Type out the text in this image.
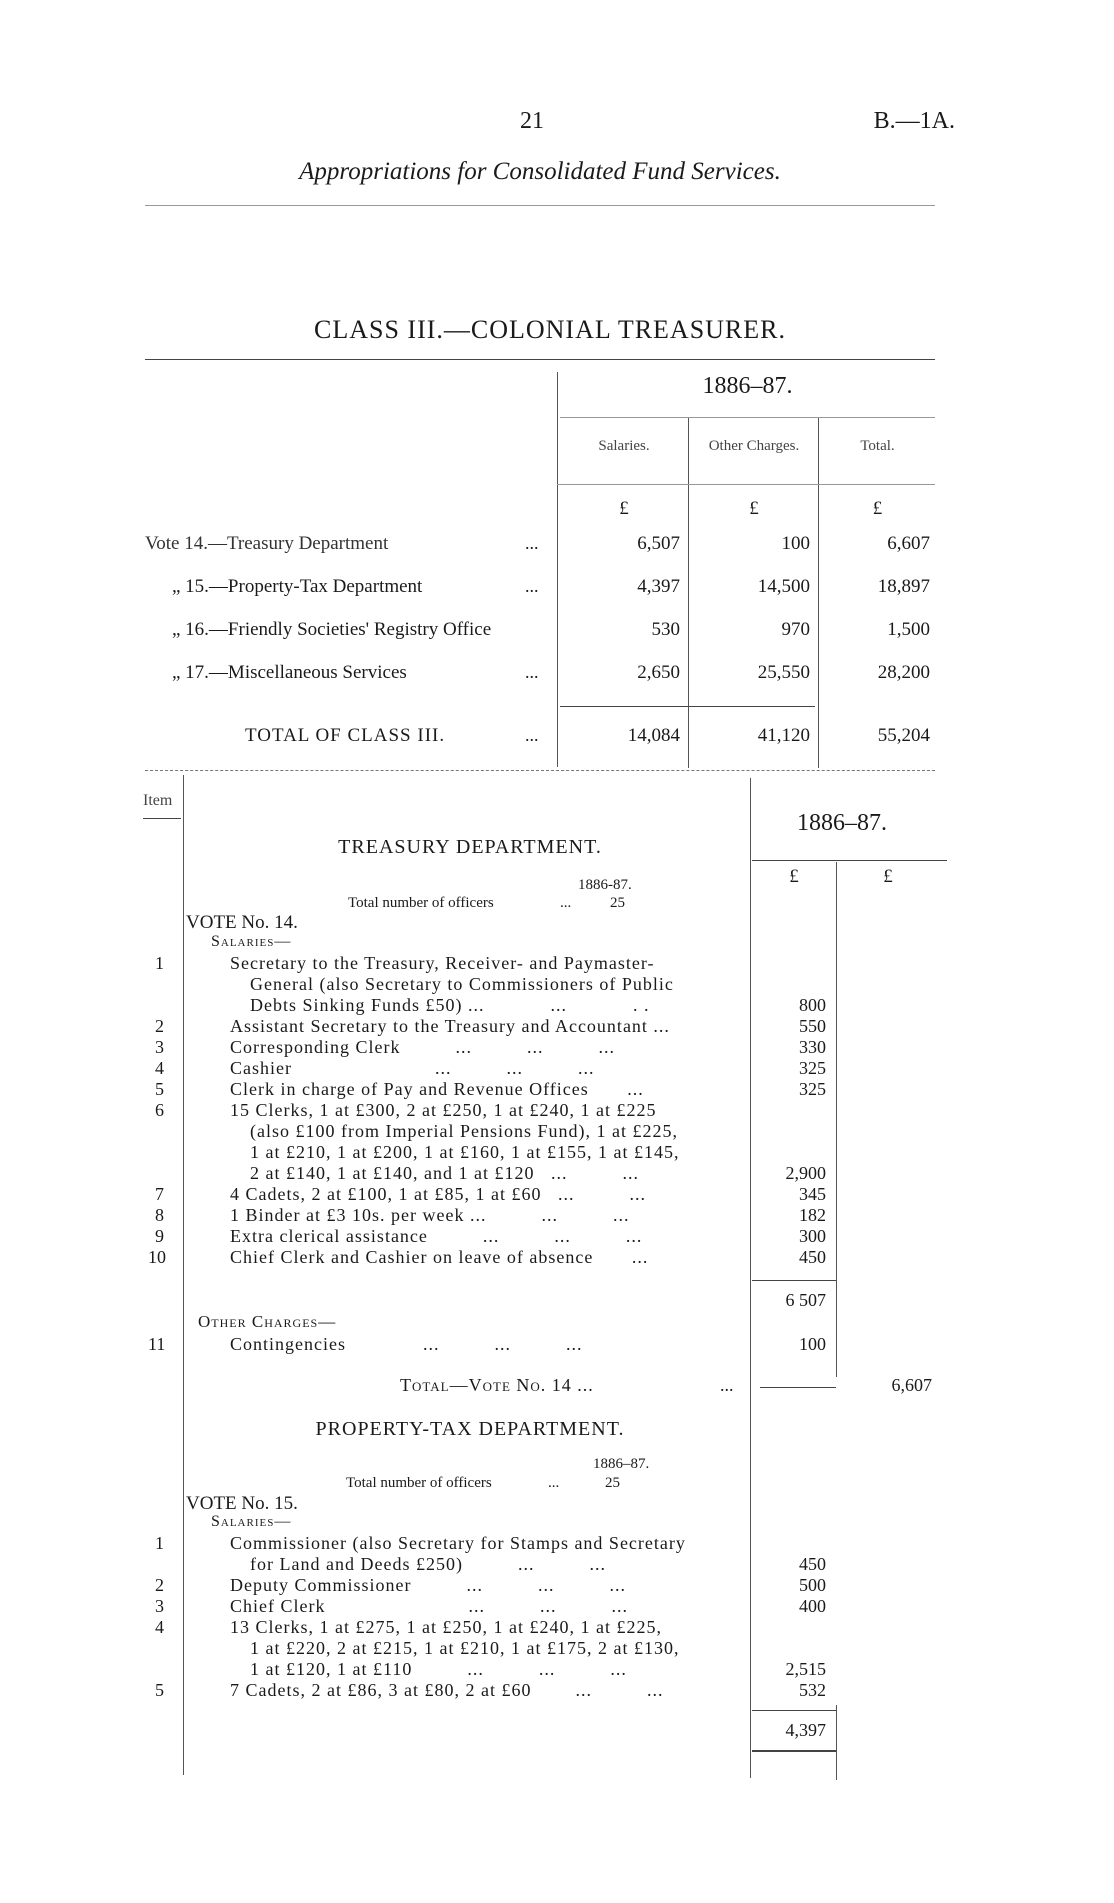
21	B.—1A.
Appropriations for Consolidated Fund Services.
CLASS III.—COLONIAL TREASURER.
1886–87.
Salaries.	Other Charges.	Total.
£	£	£
Vote 14.—Treasury Department	...	6,507	100	6,607
„ 15.—Property-Tax Department	...	4,397	14,500	18,897
„ 16.—Friendly Societies' Registry Office	530	970	1,500
„ 17.—Miscellaneous Services	...	2,650	25,550	28,200
TOTAL OF CLASS III.	...	14,084	41,120	55,204
Item
1886–87.
£	£
TREASURY DEPARTMENT.
1886-87.
Total number of officers	...	25
VOTE No. 14.
Salaries—
1	Secretary to the Treasury, Receiver- and Paymaster-
General (also Secretary to Commissioners of Public
Debts Sinking Funds £50) ...            ...            . .	800
2	Assistant Secretary to the Treasury and Accountant ...	550
3	Corresponding Clerk          ...          ...          ...	330
4	Cashier                          ...          ...          ...	325
5	Clerk in charge of Pay and Revenue Offices       ...	325
6	15 Clerks, 1 at £300, 2 at £250, 1 at £240, 1 at £225
(also £100 from Imperial Pensions Fund), 1 at £225,
1 at £210, 1 at £200, 1 at £160, 1 at £155, 1 at £145,
2 at £140, 1 at £140, and 1 at £120   ...          ...	2,900
7	4 Cadets, 2 at £100, 1 at £85, 1 at £60   ...          ...	345
8	1 Binder at £3 10s. per week ...          ...          ...	182
9	Extra clerical assistance          ...          ...          ...	300
10	Chief Clerk and Cashier on leave of absence       ...	450
6 507
Other Charges—
11	Contingencies              ...          ...          ...	100
Total—Vote No. 14 ...	...	6,607
PROPERTY-TAX DEPARTMENT.
1886–87.
Total number of officers	...	25
VOTE No. 15.
Salaries—
1	Commissioner (also Secretary for Stamps and Secretary
for Land and Deeds £250)          ...          ...	450
2	Deputy Commissioner          ...          ...          ...	500
3	Chief Clerk                          ...          ...          ...	400
4	13 Clerks, 1 at £275, 1 at £250, 1 at £240, 1 at £225,
1 at £220, 2 at £215, 1 at £210, 1 at £175, 2 at £130,
1 at £120, 1 at £110          ...          ...          ...	2,515
5	7 Cadets, 2 at £86, 3 at £80, 2 at £60        ...          ...	532
4,397
